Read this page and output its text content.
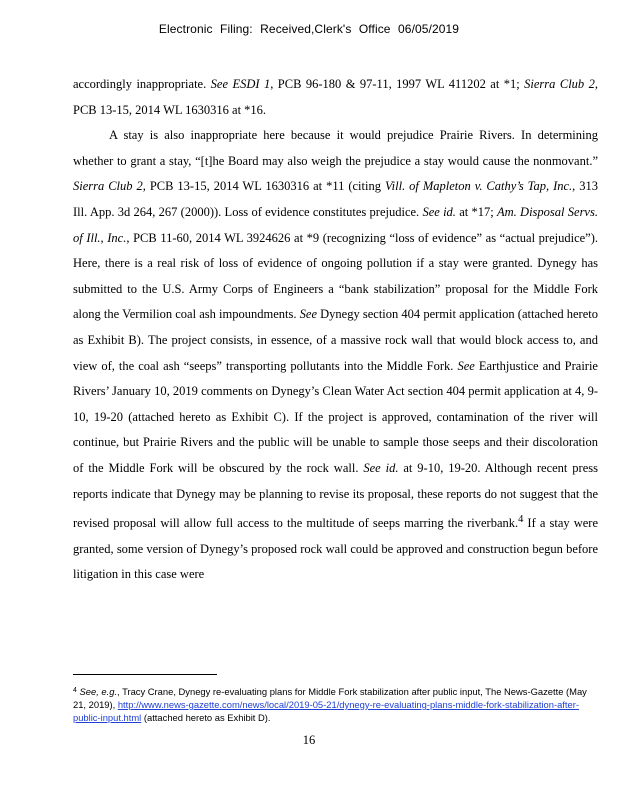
Electronic Filing: Received,Clerk's Office 06/05/2019

accordingly inappropriate. See ESDI 1, PCB 96-180 & 97-11, 1997 WL 411202 at *1; Sierra Club 2, PCB 13-15, 2014 WL 1630316 at *16.

A stay is also inappropriate here because it would prejudice Prairie Rivers. In determining whether to grant a stay, “[t]he Board may also weigh the prejudice a stay would cause the nonmovant.” Sierra Club 2, PCB 13-15, 2014 WL 1630316 at *11 (citing Vill. of Mapleton v. Cathy’s Tap, Inc., 313 Ill. App. 3d 264, 267 (2000)). Loss of evidence constitutes prejudice. See id. at *17; Am. Disposal Servs. of Ill., Inc., PCB 11-60, 2014 WL 3924626 at *9 (recognizing “loss of evidence” as “actual prejudice”). Here, there is a real risk of loss of evidence of ongoing pollution if a stay were granted. Dynegy has submitted to the U.S. Army Corps of Engineers a “bank stabilization” proposal for the Middle Fork along the Vermilion coal ash impoundments. See Dynegy section 404 permit application (attached hereto as Exhibit B). The project consists, in essence, of a massive rock wall that would block access to, and view of, the coal ash “seeps” transporting pollutants into the Middle Fork. See Earthjustice and Prairie Rivers’ January 10, 2019 comments on Dynegy’s Clean Water Act section 404 permit application at 4, 9-10, 19-20 (attached hereto as Exhibit C). If the project is approved, contamination of the river will continue, but Prairie Rivers and the public will be unable to sample those seeps and their discoloration of the Middle Fork will be obscured by the rock wall. See id. at 9-10, 19-20. Although recent press reports indicate that Dynegy may be planning to revise its proposal, these reports do not suggest that the revised proposal will allow full access to the multitude of seeps marring the riverbank.$^4$ If a stay were granted, some version of Dynegy’s proposed rock wall could be approved and construction begun before litigation in this case were

$^4$ See, e.g., Tracy Crane, Dynegy re-evaluating plans for Middle Fork stabilization after public input, The News-Gazette (May 21, 2019), http://www.news-gazette.com/news/local/2019-05-21/dynegy-re-evaluating-plans-middle-fork-stabilization-after-public-input.html (attached hereto as Exhibit D).
16
